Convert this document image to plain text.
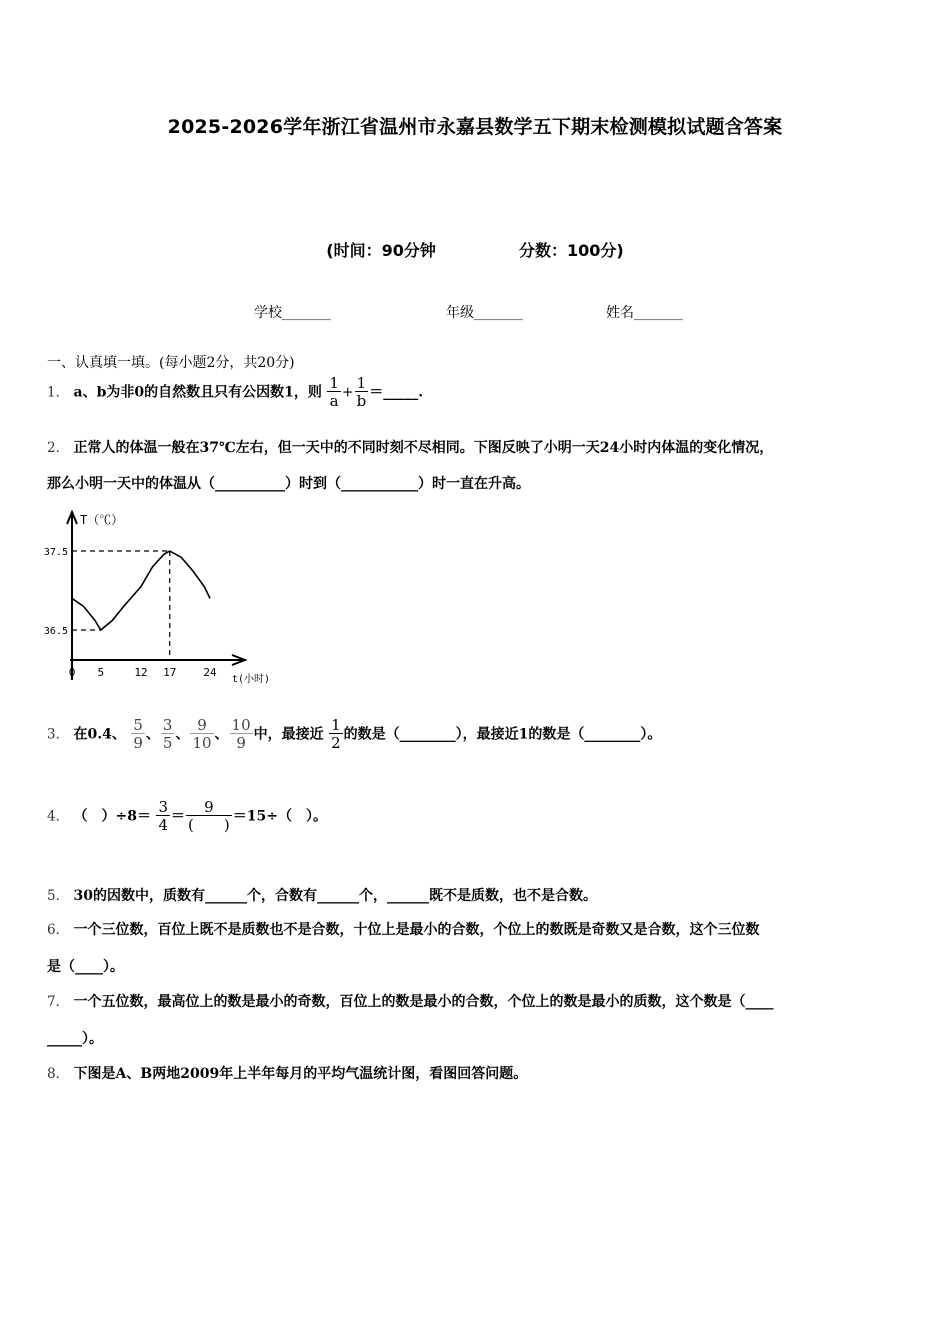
2025-2026学年浙江省温州市永嘉县数学五下期末检测模拟试题含答案
(时间：90分钟	分数：100分)
学校_______	年级_______	姓名_______
一、认真填一填。(每小题2分，共20分)
1． a、b为非0的自然数且只有公因数1，则 $\frac{1}{a} + \frac{1}{b}$ ＝_____.
2． 正常人的体温一般在37℃左右，但一天中的不同时刻不尽相同。下图反映了小明一天24小时内体温的变化情况，
那么小明一天中的体温从（__________）时到（___________）时一直在升高。
T（℃）
t(小时)
0 5	12 17 24
36.5
37.5
3． 在0.4、 $\frac{5}{9}$ 、 $\frac{3}{5}$ 、 $\frac{9}{10}$ 、 $\frac{10}{9}$ 中，最接近 $\frac{1}{2}$ 的数是（________），最接近1的数是（________）。
4． （　）$\div 8= \frac{3}{4} = \frac{9}{( )} =15\div$（　）。
5． 30的因数中，质数有______个，合数有______个，______既不是质数，也不是合数。
6． 一个三位数，百位上既不是质数也不是合数，十位上是最小的合数，个位上的数既是奇数又是合数，这个三位数
是（____）。
7． 一个五位数，最高位上的数是最小的奇数，百位上的数是最小的合数，个位上的数是最小的质数，这个数是（____
_____）。
8． 下图是A、B两地2009年上半年每月的平均气温统计图，看图回答问题。
